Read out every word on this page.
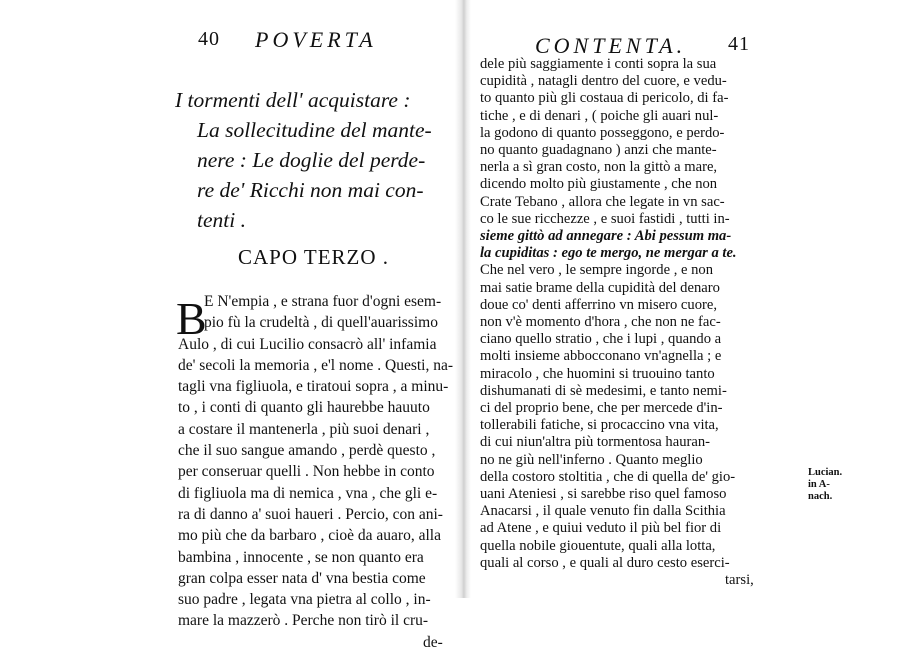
40 POVERTA
I tormenti dell' acquistare :
La sollecitudine del mante-
nere : Le doglie del perde-
re de' Ricchi non mai con-
tenti .
CAPO TERZO .
B
E N'empia , e strana fuor d'ogni esem-
pio fù la crudeltà , di quell'auarissimo
Aulo , di cui Lucilio consacrò all' infamia
de' secoli la memoria , e'l nome . Questi, na-
tagli vna figliuola, e tiratoui sopra , a minu-
to , i conti di quanto gli haurebbe hauuto
a costare il mantenerla , più suoi denari ,
che il suo sangue amando , perdè questo ,
per conseruar quelli . Non hebbe in conto
di figliuola ma di nemica , vna , che gli e-
ra di danno a' suoi haueri . Percio, con ani-
mo più che da barbaro , cioè da auaro, alla
bambina , innocente , se non quanto era
gran colpa esser nata d' vna bestia come
suo padre , legata vna pietra al collo , in-
mare la mazzerò . Perche non tirò il cru-
de-
CONTENTA. 41
dele più saggiamente i conti sopra la sua
cupidità , natagli dentro del cuore, e vedu-
to quanto più gli costaua di pericolo, di fa-
tiche , e di denari , ( poiche gli auari nul-
la godono di quanto posseggono, e perdo-
no quanto guadagnano ) anzi che mante-
nerla a sì gran costo, non la gittò a mare,
dicendo molto più giustamente , che non
Crate Tebano , allora che legate in vn sac-
co le sue ricchezze , e suoi fastidi , tutti in-
sieme gittò ad annegare : Abi pessum ma-
la cupiditas : ego te mergo, ne mergar a te.
Che nel vero , le sempre ingorde , e non
mai satie brame della cupidità del denaro
doue co' denti afferrino vn misero cuore,
non v'è momento d'hora , che non ne fac-
ciano quello stratio , che i lupi , quando a
molti insieme abbocconano vn'agnella ; e
miracolo , che huomini si truouino tanto
dishumanati di sè medesimi, e tanto nemi-
ci del proprio bene, che per mercede d'in-
tollerabili fatiche, si procaccino vna vita,
di cui niun'altra più tormentosa hauran-
no ne giù nell'inferno . Quanto meglio
della costoro stoltitia , che di quella de' gio-
uani Ateniesi , si sarebbe riso quel famoso
Anacarsi , il quale venuto fin dalla Scithia
ad Atene , e quiui veduto il più bel fior di
quella nobile giouentute, quali alla lotta,
quali al corso , e quali al duro cesto eserci-
tarsi,
Lucian.
in A-
nach.
